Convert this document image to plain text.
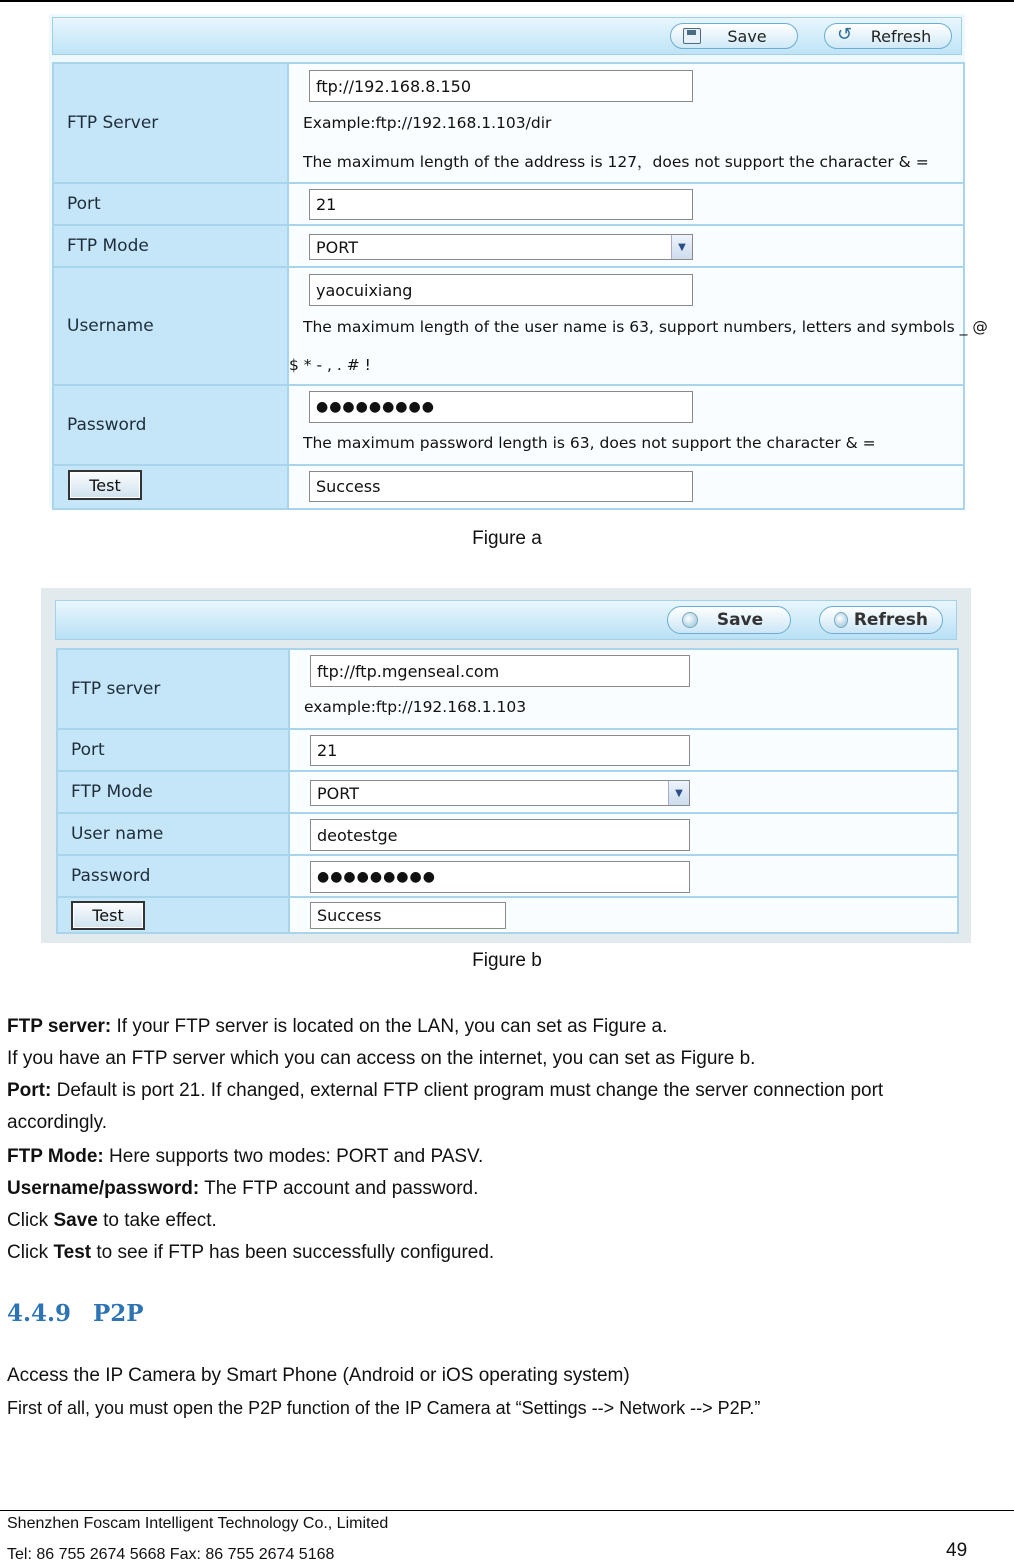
Save ↺	Refresh
FTP Server	ftp://192.168.8.150
Example:ftp://192.168.1.103/dir
The maximum length of the address is 127，does not support the character & =

Port	21

FTP Mode	PORT ▼

Username	yaocuixiang
The maximum length of the user name is 63, support numbers, letters and symbols _ @
$ * - , . # !

Password	●●●●●●●●●
The maximum password length is 63, does not support the character & =

Test	Success
Figure a
Save	Refresh
FTP server	ftp://ftp.mgenseal.com
example:ftp://192.168.1.103

Port	21

FTP Mode	PORT ▼

User name	deotestge

Password	●●●●●●●●●

Test	Success
Figure b
FTP server: If your FTP server is located on the LAN, you can set as Figure a.
If you have an FTP server which you can access on the internet, you can set as Figure b.
Port: Default is port 21. If changed, external FTP client program must change the server connection port
accordingly.
FTP Mode: Here supports two modes: PORT and PASV.
Username/password: The FTP account and password.
Click Save to take effect.
Click Test to see if FTP has been successfully configured.
4.4.9 P2P
Access the IP Camera by Smart Phone (Android or iOS operating system)
First of all, you must open the P2P function of the IP Camera at “Settings --> Network --> P2P.”
Shenzhen Foscam Intelligent Technology Co., Limited
Tel: 86 755 2674 5668 Fax: 86 755 2674 5168	49
